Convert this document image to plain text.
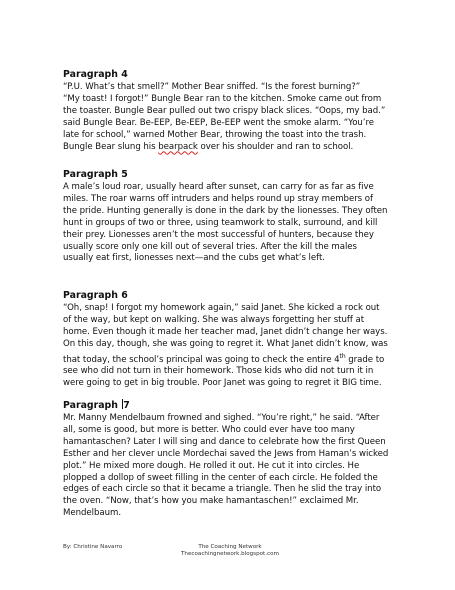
Paragraph 4
“P.U. What’s that smell?” Mother Bear sniffed. “Is the forest burning?”
“My toast! I forgot!” Bungle Bear ran to the kitchen. Smoke came out from
the toaster. Bungle Bear pulled out two crispy black slices. “Oops, my bad.”
said Bungle Bear. Be-EEP, Be-EEP, Be-EEP went the smoke alarm. “You’re
late for school,” warned Mother Bear, throwing the toast into the trash.
Bungle Bear slung his bearpack over his shoulder and ran to school.
Paragraph 5
A male’s loud roar, usually heard after sunset, can carry for as far as five
miles. The roar warns off intruders and helps round up stray members of
the pride. Hunting generally is done in the dark by the lionesses. They often
hunt in groups of two or three, using teamwork to stalk, surround, and kill
their prey. Lionesses aren’t the most successful of hunters, because they
usually score only one kill out of several tries. After the kill the males
usually eat first, lionesses next—and the cubs get what’s left.
Paragraph 6
“Oh, snap! I forgot my homework again,” said Janet. She kicked a rock out
of the way, but kept on walking. She was always forgetting her stuff at
home. Even though it made her teacher mad, Janet didn’t change her ways.
On this day, though, she was going to regret it. What Janet didn’t know, was
that today, the school’s principal was going to check the entire 4th grade to
see who did not turn in their homework. Those kids who did not turn it in
were going to get in big trouble. Poor Janet was going to regret it BIG time.
Paragraph 7
Mr. Manny Mendelbaum frowned and sighed. “You’re right,” he said. “After
all, some is good, but more is better. Who could ever have too many
hamantaschen? Later I will sing and dance to celebrate how the first Queen
Esther and her clever uncle Mordechai saved the Jews from Haman’s wicked
plot.” He mixed more dough. He rolled it out. He cut it into circles. He
plopped a dollop of sweet filling in the center of each circle. He folded the
edges of each circle so that it became a triangle. Then he slid the tray into
the oven. “Now, that’s how you make hamantaschen!” exclaimed Mr.
Mendelbaum.
By: Christine Navarro	The Coaching Network
Thecoachingnetwork.blogspot.com
